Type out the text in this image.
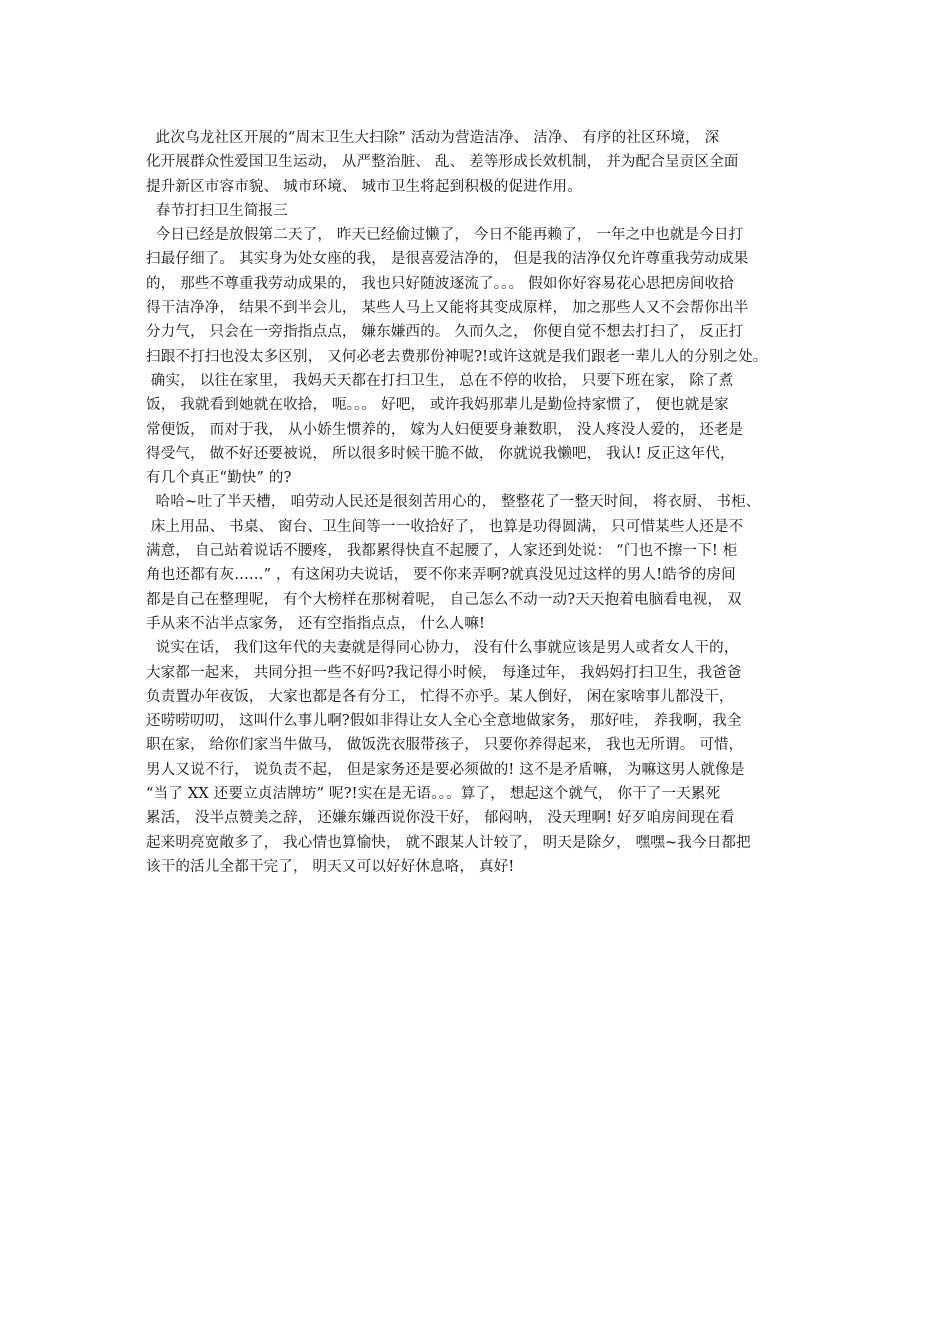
此次乌龙社区开展的“周末卫生大扫除” 活动为营造洁净、 洁净、 有序的社区环境， 深
化开展群众性爱国卫生运动， 从严整治脏、 乱、 差等形成长效机制， 并为配合呈贡区全面
提升新区市容市貌、 城市环境、 城市卫生将起到积极的促进作用。
春节打扫卫生简报三
今日已经是放假第二天了， 昨天已经偷过懒了， 今日不能再赖了， 一年之中也就是今日打
扫最仔细了。 其实身为处女座的我， 是很喜爱洁净的， 但是我的洁净仅允许尊重我劳动成果
的， 那些不尊重我劳动成果的， 我也只好随波逐流了。。。 假如你好容易花心思把房间收拾
得干洁净净， 结果不到半会儿， 某些人马上又能将其变成原样， 加之那些人又不会帮你出半
分力气， 只会在一旁指指点点， 嫌东嫌西的。 久而久之， 你便自觉不想去打扫了， 反正打
扫跟不打扫也没太多区别， 又何必老去费那份神呢?!或许这就是我们跟老一辈儿人的分别之处。
确实， 以往在家里， 我妈天天都在打扫卫生， 总在不停的收拾， 只要下班在家， 除了煮
饭， 我就看到她就在收拾， 呃。。。 好吧， 或许我妈那辈儿是勤俭持家惯了， 便也就是家
常便饭， 而对于我， 从小娇生惯养的， 嫁为人妇便要身兼数职， 没人疼没人爱的， 还老是
得受气， 做不好还要被说， 所以很多时候干脆不做， 你就说我懒吧， 我认! 反正这年代，
有几个真正“勤快” 的?
哈哈~吐了半天槽， 咱劳动人民还是很刻苦用心的， 整整花了一整天时间， 将衣厨、 书柜、
床上用品、 书桌、 窗台、卫生间等一一收拾好了， 也算是功得圆满， 只可惜某些人还是不
满意， 自己站着说话不腰疼， 我都累得快直不起腰了，人家还到处说： “门也不擦一下! 柜
角也还都有灰……” ，有这闲功夫说话， 要不你来弄啊?就真没见过这样的男人!皓爷的房间
都是自己在整理呢， 有个大榜样在那树着呢， 自己怎么不动一动?天天抱着电脑看电视， 双
手从来不沾半点家务， 还有空指指点点， 什么人嘛!
说实在话， 我们这年代的夫妻就是得同心协力， 没有什么事就应该是男人或者女人干的，
大家都一起来， 共同分担一些不好吗?我记得小时候， 每逢过年， 我妈妈打扫卫生，我爸爸
负责置办年夜饭， 大家也都是各有分工， 忙得不亦乎。某人倒好， 闲在家啥事儿都没干，
还唠唠叨叨， 这叫什么事儿啊?假如非得让女人全心全意地做家务， 那好哇， 养我啊，我全
职在家， 给你们家当牛做马， 做饭洗衣服带孩子， 只要你养得起来， 我也无所谓。 可惜，
男人又说不行， 说负责不起， 但是家务还是要必须做的! 这不是矛盾嘛， 为嘛这男人就像是
“当了 XX 还要立贞洁牌坊” 呢?!实在是无语。。。算了， 想起这个就气， 你干了一天累死
累活， 没半点赞美之辞， 还嫌东嫌西说你没干好， 郁闷呐， 没天理啊! 好歹咱房间现在看
起来明亮宽敞多了， 我心情也算愉快， 就不跟某人计较了， 明天是除夕， 嘿嘿~我今日都把
该干的活儿全都干完了， 明天又可以好好休息咯， 真好!
